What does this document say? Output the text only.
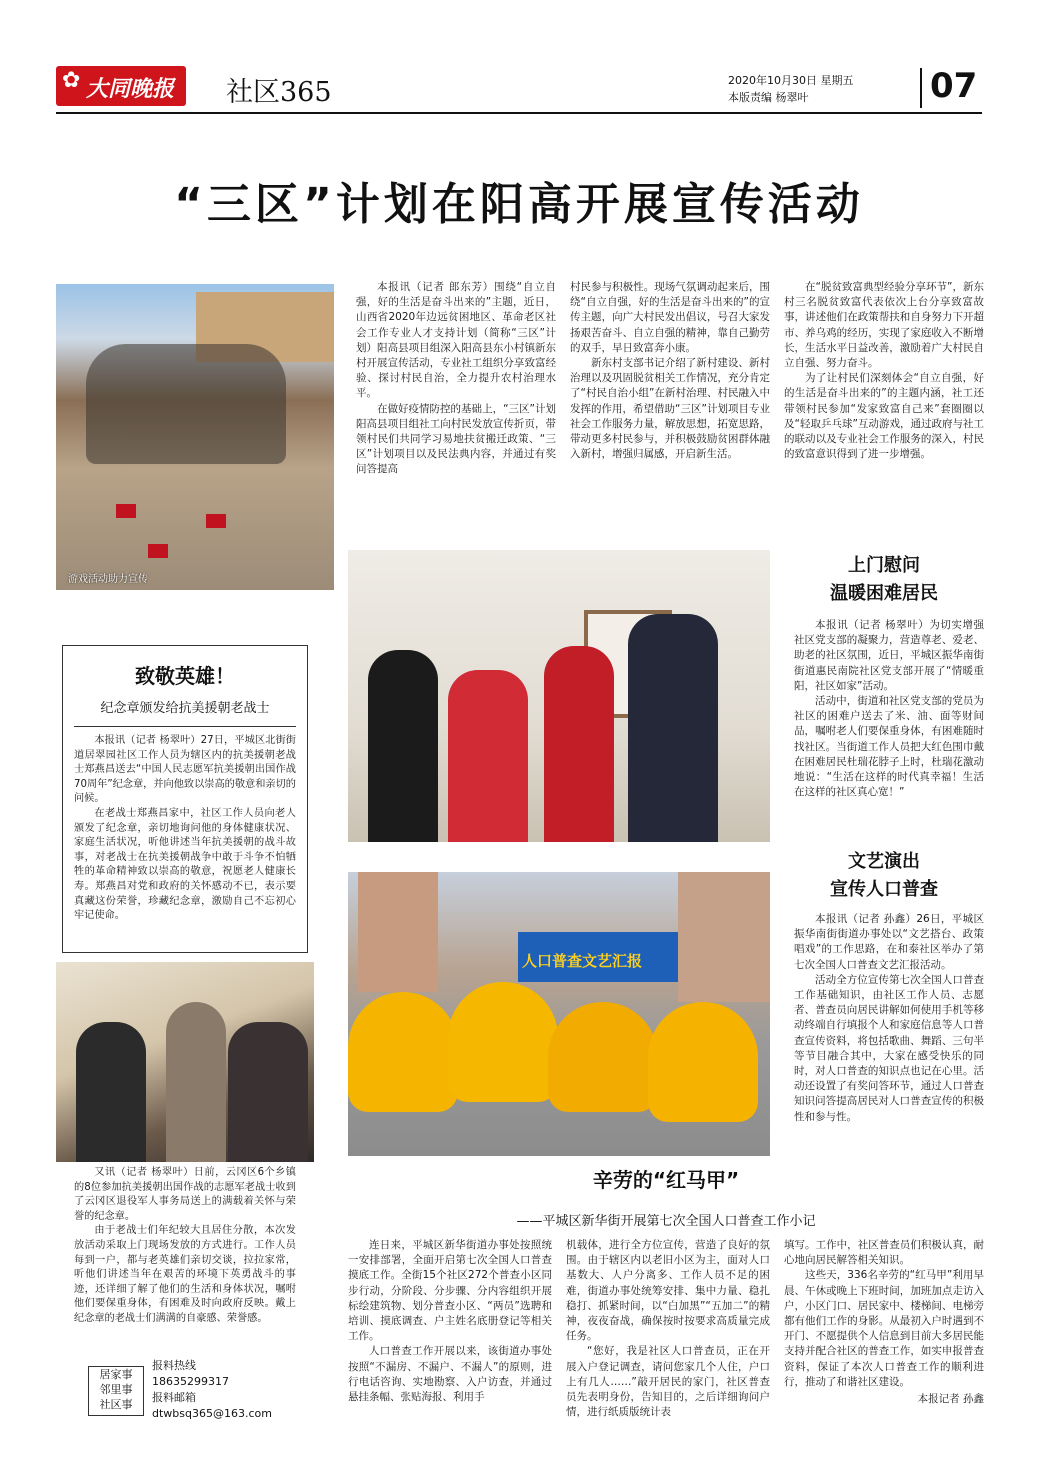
✿ 大同晚报 社区365	2020年10月30日 星期五
本版责编 杨翠叶	07
“三区”计划在阳高开展宣传活动
游戏活动助力宣传

本报讯（记者 郎东芳）围绕“自立自强，好的生活是奋斗出来的”主题，近日，山西省2020年边远贫困地区、革命老区社会工作专业人才支持计划（简称“三区”计划）阳高县项目组深入阳高县东小村镇新东村开展宣传活动，专业社工组织分享致富经验、探讨村民自治，全力提升农村治理水平。

在做好疫情防控的基础上，“三区”计划阳高县项目组社工向村民发放宣传折页，带领村民们共同学习易地扶贫搬迁政策、“三区”计划项目以及民法典内容，并通过有奖问答提高

村民参与积极性。现场气氛调动起来后，围绕“自立自强，好的生活是奋斗出来的”的宣传主题，向广大村民发出倡议，号召大家发扬艰苦奋斗、自立自强的精神，靠自己勤劳的双手，早日致富奔小康。

新东村支部书记介绍了新村建设、新村治理以及巩固脱贫相关工作情况，充分肯定了“村民自治小组”在新村治理、村民融入中发挥的作用，希望借助“三区”计划项目专业社会工作服务力量，解放思想，拓宽思路，带动更多村民参与，并积极鼓励贫困群体融入新村，增强归属感，开启新生活。

在“脱贫致富典型经验分享环节”，新东村三名脱贫致富代表依次上台分享致富故事，讲述他们在政策帮扶和自身努力下开超市、养乌鸡的经历，实现了家庭收入不断增长，生活水平日益改善，激励着广大村民自立自强、努力奋斗。

为了让村民们深刻体会“自立自强，好的生活是奋斗出来的”的主题内涵，社工还带领村民参加“发家致富自己来”套圈圈以及“轻取乒乓球”互动游戏，通过政府与社工的联动以及专业社会工作服务的深入，村民的致富意识得到了进一步增强。

致敬英雄！
纪念章颁发给抗美援朝老战士

本报讯（记者 杨翠叶）27日，平城区北街街道居翠园社区工作人员为辖区内的抗美援朝老战士郑燕昌送去“中国人民志愿军抗美援朝出国作战70周年”纪念章，并向他致以崇高的敬意和亲切的问候。

在老战士郑燕昌家中，社区工作人员向老人颁发了纪念章，亲切地询问他的身体健康状况、家庭生活状况，听他讲述当年抗美援朝的战斗故事，对老战士在抗美援朝战争中敢于斗争不怕牺牲的革命精神致以崇高的敬意，祝愿老人健康长寿。郑燕昌对党和政府的关怀感动不已，表示要真藏这份荣誉，珍藏纪念章，激励自己不忘初心牢记使命。

又讯（记者 杨翠叶）日前，云冈区6个乡镇的8位参加抗美援朝出国作战的志愿军老战士收到了云冈区退役军人事务局送上的满载着关怀与荣誉的纪念章。

由于老战士们年纪较大且居住分散，本次发放活动采取上门现场发放的方式进行。工作人员每到一户，都与老英雄们亲切交谈，拉拉家常，听他们讲述当年在艰苦的环境下英勇战斗的事迹，还详细了解了他们的生活和身体状况，嘱咐他们要保重身体，有困难及时向政府反映。戴上纪念章的老战士们满满的自豪感、荣誉感。

居家事
邻里事
社区事
报料热线
18635299317
报料邮箱
dtwbsq365@163.com
上门慰问
温暖困难居民

本报讯（记者 杨翠叶）为切实增强社区党支部的凝聚力，营造尊老、爱老、助老的社区氛围，近日，平城区振华南街街道惠民南院社区党支部开展了“情暖重阳，社区如家”活动。

活动中，街道和社区党支部的党员为社区的困难户送去了米、油、面等财间品，嘱咐老人们要保重身体，有困难随时找社区。当街道工作人员把大红色围巾戴在困难居民杜瑞花脖子上时，杜瑞花激动地说：“生活在这样的时代真幸福！生活在这样的社区真心宽！”

人口普查文艺汇报
文艺演出
宣传人口普查

本报讯（记者 孙鑫）26日，平城区振华南街街道办事处以“文艺搭台、政策唱戏”的工作思路，在和泰社区举办了第七次全国人口普查文艺汇报活动。

活动全方位宣传第七次全国人口普查工作基础知识，由社区工作人员、志愿者、普查员向居民讲解如何使用手机等移动终端自行填报个人和家庭信息等人口普查宣传资料，将包括歌曲、舞蹈、三句半等节目融合其中，大家在感受快乐的同时，对人口普查的知识点也记在心里。活动还设置了有奖问答环节，通过人口普查知识问答提高居民对人口普查宣传的积极性和参与性。

辛劳的“红马甲”
——平城区新华街开展第七次全国人口普查工作小记

连日来，平城区新华街道办事处按照统一安排部署，全面开启第七次全国人口普查摸底工作。全街15个社区272个普查小区同步行动，分阶段、分步骤、分内容组织开展标绘建筑物、划分普查小区、“两员”选聘和培训、摸底调查、户主姓名底册登记等相关工作。

人口普查工作开展以来，该街道办事处按照“不漏房、不漏户、不漏人”的原则，进行电话咨询、实地勘察、入户访查，并通过悬挂条幅、张贴海报、利用手

机载体，进行全方位宣传，营造了良好的氛围。由于辖区内以老旧小区为主，面对人口基数大、人户分离多、工作人员不足的困难，街道办事处统筹安排、集中力量、稳扎稳打、抓紧时间，以“白加黑”“五加二”的精神，夜夜奋战，确保按时按要求高质量完成任务。

“您好，我是社区人口普查员，正在开展入户登记调查，请问您家几个人住，户口上有几人……”敲开居民的家门，社区普查员先表明身份，告知目的，之后详细询问户情，进行纸质版统计表

填写。工作中，社区普查员们积极认真，耐心地向居民解答相关知识。

这些天，336名辛劳的“红马甲”利用早晨、午休或晚上下班时间，加班加点走访入户，小区门口、居民家中、楼梯间、电梯旁都有他们工作的身影。从最初入户时遇到不开门、不愿提供个人信息到目前大多居民能支持并配合社区的普查工作，如实申报普查资料，保证了本次人口普查工作的顺利进行，推动了和谐社区建设。

本报记者 孙鑫
